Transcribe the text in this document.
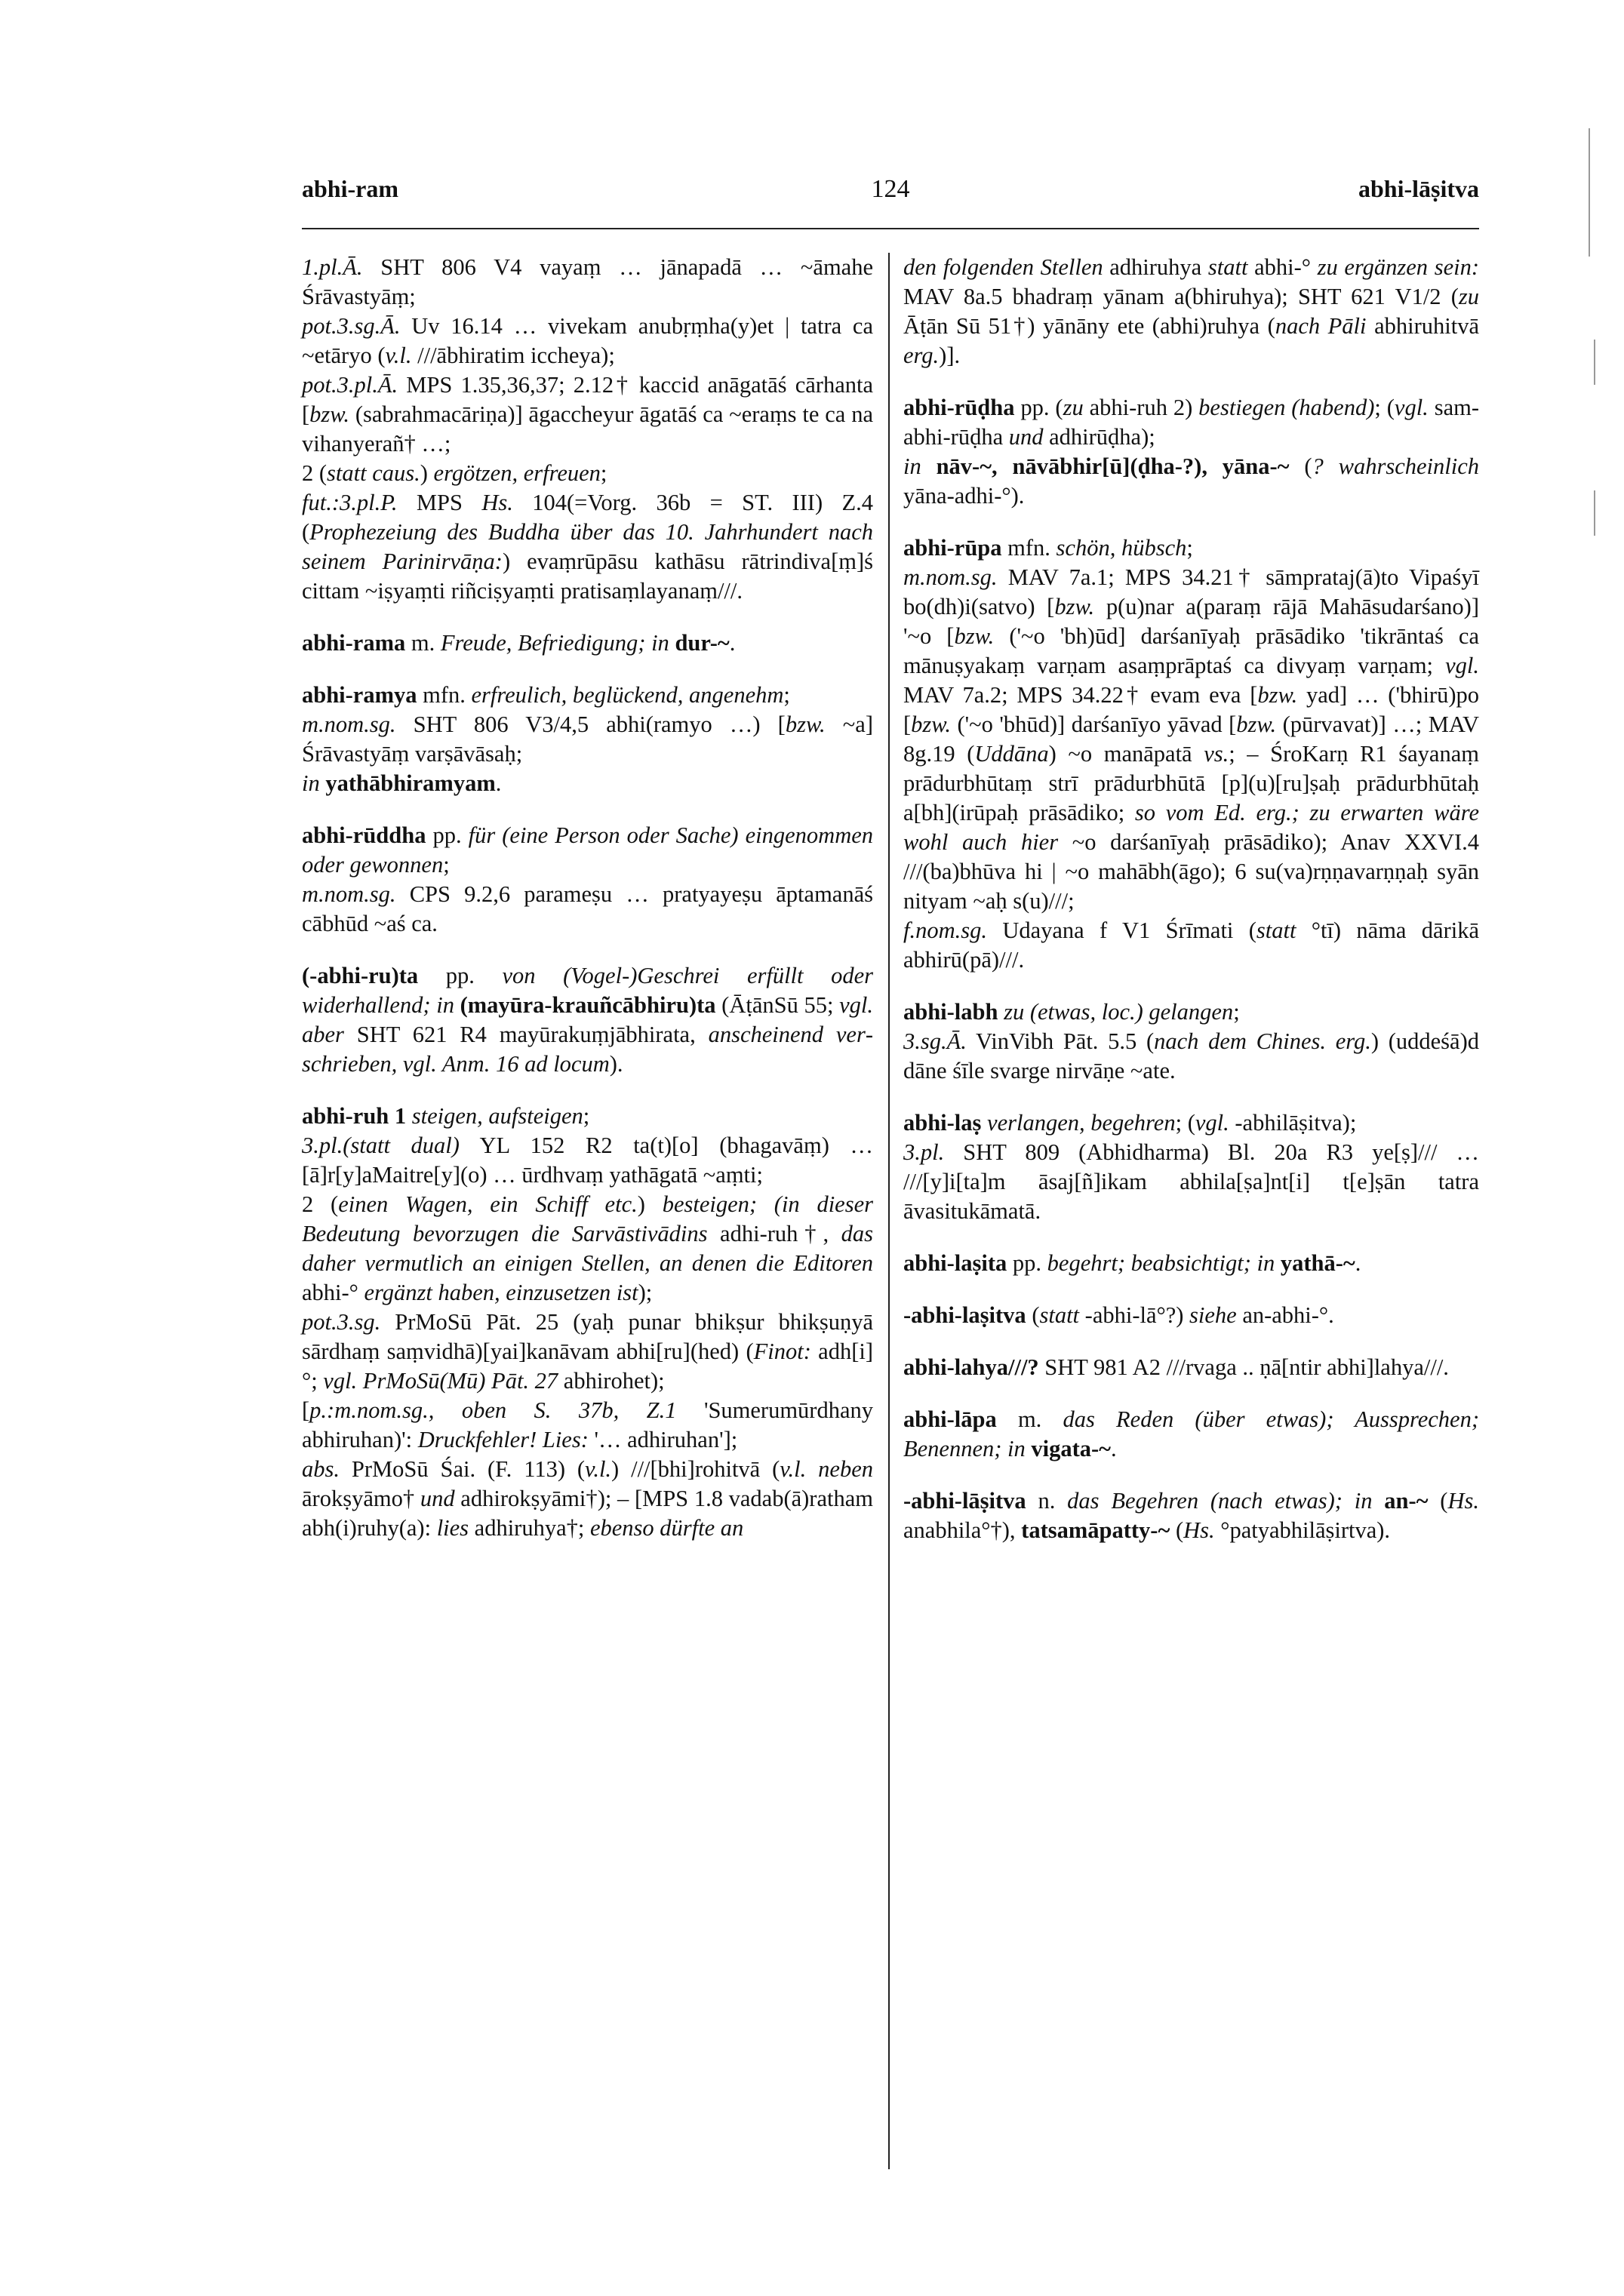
abhi-ram	124	abhi-lāṣitva

1.pl.Ā. SHT 806 V4 vayaṃ … jānapadā … ~āmahe Śrāvastyāṃ;

pot.3.sg.Ā. Uv 16.14 … vivekam anubṛṃha(y)et | tatra ca ~etāryo (v.l. ///ābhiratim iccheya);

pot.3.pl.Ā. MPS 1.35,36,37; 2.12† kaccid anāgatāś cārhanta [bzw. (sabrahmacāriṇa)] āgaccheyur āgatāś ca ~eraṃs te ca na vihanyerañ† …;

2 (statt caus.) ergötzen, erfreuen;

fut.:3.pl.P. MPS Hs. 104(=Vorg. 36b = ST. III) Z.4 (Prophezeiung des Buddha über das 10. Jahrhundert nach seinem Parinirvāṇa:) evaṃrūpāsu kathāsu rātrindiva[ṃ]ś cittam ~iṣyaṃti riñciṣyaṃti pratisaṃlayanaṃ///.

abhi-rama m. Freude, Befriedigung; in dur-~.

abhi-ramya mfn. erfreulich, beglückend, angenehm;

m.nom.sg. SHT 806 V3/4,5 abhi(ramyo …) [bzw. ~a] Śrāvastyāṃ varṣāvāsaḥ;

in yathābhiramyam.

abhi-rūddha pp. für (eine Person oder Sache) eingenommen oder gewonnen;

m.nom.sg. CPS 9.2,6 parameṣu … pratyayeṣu āptamanāś cābhūd ~aś ca.

(-abhi-ru)ta pp. von (Vogel-)Geschrei erfüllt oder widerhallend; in (mayūra-krauñcābhiru)ta (ĀṭānSū 55; vgl. aber SHT 621 R4 mayūrakuṃjābhirata, anscheinend verschrieben, vgl. Anm. 16 ad locum).

abhi-ruh 1 steigen, aufsteigen;

3.pl.(statt dual) YL 152 R2 ta(t)[o] (bhagavāṃ) … [ā]r[y]aMaitre[y](o) … ūrdhvaṃ yathāgatā ~aṃti;

2 (einen Wagen, ein Schiff etc.) besteigen; (in dieser Bedeutung bevorzugen die Sarvāstivādins adhi-ruh†, das daher vermutlich an einigen Stellen, an denen die Editoren abhi-° ergänzt haben, einzusetzen ist);

pot.3.sg. PrMoSū Pāt. 25 (yaḥ punar bhikṣur bhikṣuṇyā sārdhaṃ saṃvidhā)[yai]kanāvam abhi[ru](hed) (Finot: adh[i]°; vgl. PrMoSū(Mū) Pāt. 27 abhirohet);

[p.:m.nom.sg., oben S. 37b, Z.1 'Sumerumūrdhany abhiruhan)': Druckfehler! Lies: '… adhiruhan'];

abs. PrMoSū Śai. (F. 113) (v.l.) ///[bhi]rohitvā (v.l. neben ārokṣyāmo† und adhirokṣyāmi†); – [MPS 1.8 vadab(ā)ratham abh(i)ruhy(a): lies adhiruhya†; ebenso dürfte an

den folgenden Stellen adhiruhya statt abhi-° zu ergänzen sein: MAV 8a.5 bhadraṃ yānam a(bhiruhya); SHT 621 V1/2 (zu Āṭān Sū 51†) yānāny ete (abhi)ruhya (nach Pāli abhiruhitvā erg.)].

abhi-rūḍha pp. (zu abhi-ruh 2) bestiegen (habend); (vgl. sam-abhi-rūḍha und adhirūḍha);

in nāv-~, nāvābhir[ū](ḍha-?), yāna-~ (? wahrscheinlich yāna-adhi-°).

abhi-rūpa mfn. schön, hübsch;

m.nom.sg. MAV 7a.1; MPS 34.21† sāmprataj(ā)to Vipaśyī bo(dh)i(satvo) [bzw. p(u)nar a(paraṃ rājā Mahāsudarśano)] '~o [bzw. ('~o 'bh)ūd] darśanīyaḥ prāsādiko 'tikrāntaś ca mānuṣyakaṃ varṇam asaṃprāptaś ca divyaṃ varṇam; vgl. MAV 7a.2; MPS 34.22† evam eva [bzw. yad] … ('bhirū)po [bzw. ('~o 'bhūd)] darśanīyo yāvad [bzw. (pūrvavat)] …; MAV 8g.19 (Uddāna) ~o manāpatā vs.; – ŚroKarṇ R1 śayanaṃ prādurbhūtaṃ strī prādurbhūtā [p](u)[ru]ṣaḥ prādurbhūtaḥ a[bh](irūpaḥ prāsādiko; so vom Ed. erg.; zu erwarten wäre wohl auch hier ~o darśanīyaḥ prāsādiko); Anav XXVI.4 ///(ba)bhūva hi | ~o mahābh(āgo); 6 su(va)rṇṇavarṇṇaḥ syān nityam ~aḥ s(u)///;

f.nom.sg. Udayana f V1 Śrīmati (statt °tī) nāma dārikā abhirū(pā)///.

abhi-labh zu (etwas, loc.) gelangen;

3.sg.Ā. VinVibh Pāt. 5.5 (nach dem Chines. erg.) (uddeśā)d dāne śīle svarge nirvāṇe ~ate.

abhi-laṣ verlangen, begehren; (vgl. -abhilāṣitva);

3.pl. SHT 809 (Abhidharma) Bl. 20a R3 ye[ṣ]/// … ///[y]i[ta]m āsaj[ñ]ikam abhila[ṣa]nt[i] t[e]ṣān tatra āvasitukāmatā.

abhi-laṣita pp. begehrt; beabsichtigt; in yathā-~.

-abhi-laṣitva (statt -abhi-lā°?) siehe an-abhi-°.

abhi-lahya///? SHT 981 A2 ///rvaga .. ṇā[ntir abhi]lahya///.

abhi-lāpa m. das Reden (über etwas); Aussprechen; Benennen; in vigata-~.

-abhi-lāṣitva n. das Begehren (nach etwas); in an-~ (Hs. anabhila°†), tatsamāpatty-~ (Hs. °patyabhilāṣirtva).
